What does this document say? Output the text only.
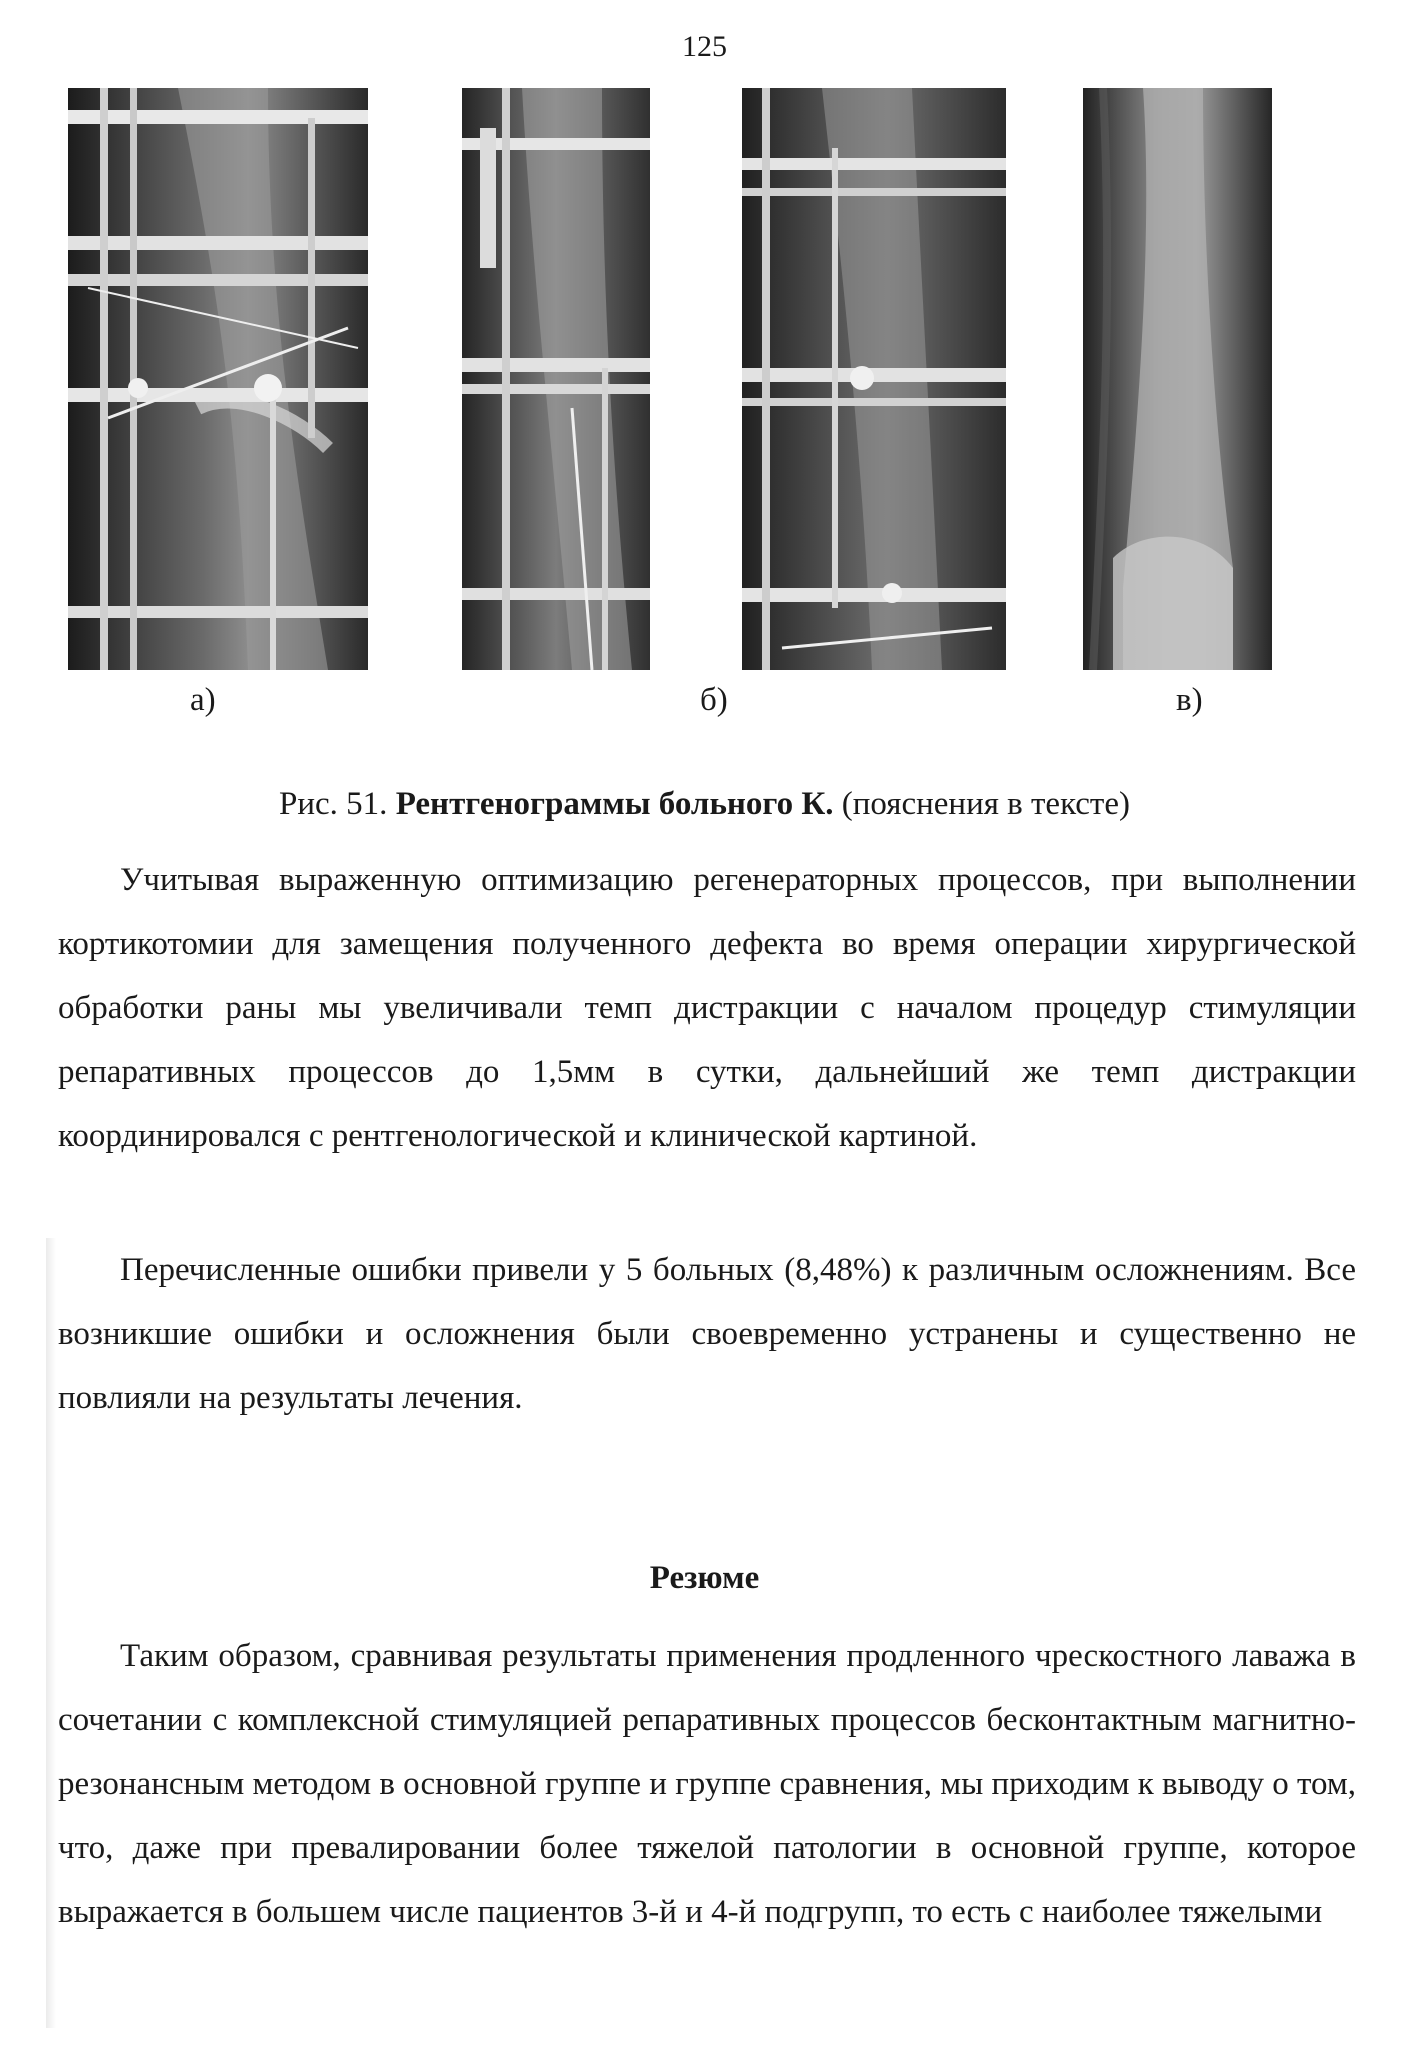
125
а)	б)	в)
Рис. 51. Рентгенограммы больного К. (пояснения в тексте)

Учитывая выраженную оптимизацию регенераторных процессов, при выполнении кортикотомии для замещения полученного дефекта во время операции хирургической обработки раны мы увеличивали темп дистракции с началом процедур стимуляции репаративных процессов до 1,5мм в сутки, дальнейший же темп дистракции координировался с рентгенологической и клинической картиной.

Перечисленные ошибки привели у 5 больных (8,48%) к различным осложнениям. Все возникшие ошибки и осложнения были своевременно устранены и существенно не повлияли на результаты лечения.

Резюме

Таким образом, сравнивая результаты применения продленного чрескостного лаважа в сочетании с комплексной стимуляцией репаративных процессов бесконтактным магнитно-резонансным методом в основной группе и группе сравнения, мы приходим к выводу о том, что, даже при превалировании более тяжелой патологии в основной группе, которое выражается в большем числе пациентов 3-й и 4-й подгрупп, то есть с наиболее тяжелыми
